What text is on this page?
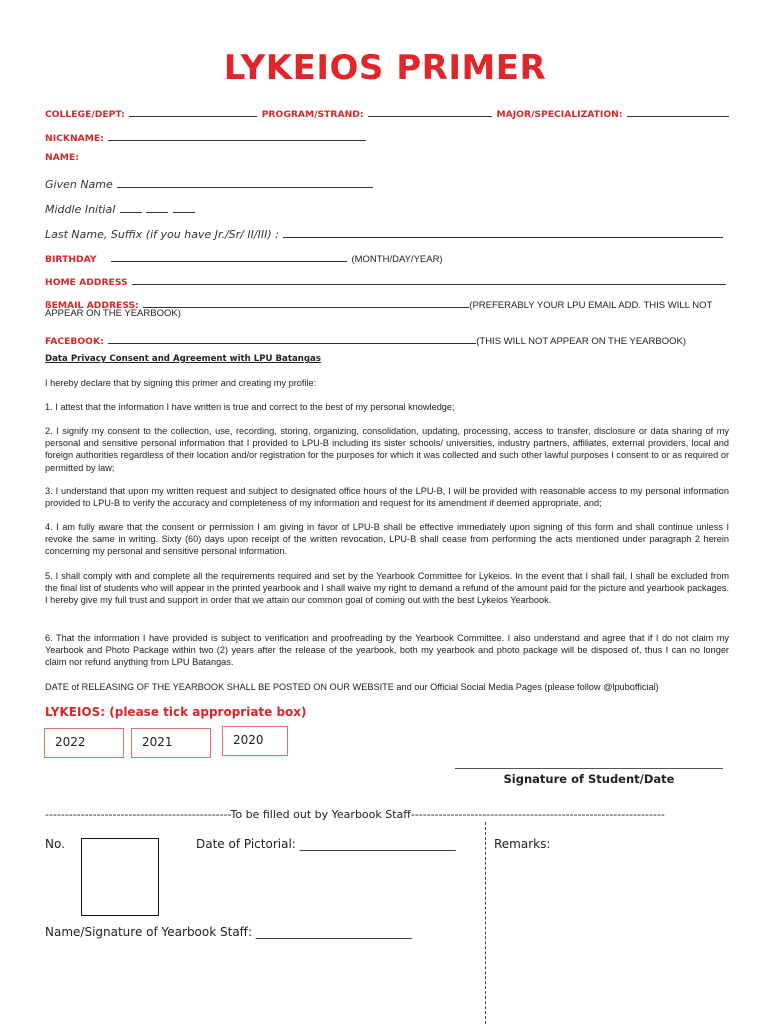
LYKEIOS PRIMER
COLLEGE/DEPT:	PROGRAM/STRAND:	MAJOR/SPECIALIZATION:
NICKNAME:
NAME:
Given Name
Middle Initial
Last Name, Suffix (if you have Jr./Sr/ II/III) :
BIRTHDAY	(MONTH/DAY/YEAR)
HOME ADDRESS
ßEMAIL ADDRESS:	(PREFERABLY YOUR LPU EMAIL ADD. THIS WILL NOT
APPEAR ON THE YEARBOOK)
FACEBOOK:	(THIS WILL NOT APPEAR ON THE YEARBOOK)
Data Privacy Consent and Agreement with LPU Batangas
I hereby declare that by signing this primer and creating my profile:
1. I attest that the information I have written is true and correct to the best of my personal knowledge;
2. I signify my consent to the collection, use, recording, storing, organizing, consolidation, updating, processing, access to transfer, disclosure or data sharing of my personal and sensitive personal information that I provided to LPU-B including its sister schools/ universities, industry partners, affiliates, external providers, local and foreign authorities regardless of their location and/or registration for the purposes for which it was collected and such other lawful purposes I consent to or as required or permitted by law;
3. I understand that upon my written request and subject to designated office hours of the LPU-B, I will be provided with reasonable access to my personal information provided to LPU-B to verify the accuracy and completeness of my information and request for its amendment if deemed appropriate, and;
4. I am fully aware that the consent or permission I am giving in favor of LPU-B shall be effective immediately upon signing of this form and shall continue unless I revoke the same in writing. Sixty (60) days upon receipt of the written revocation, LPU-B shall cease from performing the acts mentioned under paragraph 2 herein concerning my personal and sensitive personal information.
5. I shall comply with and complete all the requirements required and set by the Yearbook Committee for Lykeios. In the event that I shall fail, I shall be excluded from the final list of students who will appear in the printed yearbook and I shall waive my right to demand a refund of the amount paid for the picture and yearbook packages. I hereby give my full trust and support in order that we attain our common goal of coming out with the best Lykeios Yearbook.
6. That the information I have provided is subject to verification and proofreading by the Yearbook Committee. I also understand and agree that if I do not claim my Yearbook and Photo Package within two (2) years after the release of the yearbook, both my yearbook and photo package will be disposed of, thus I can no longer claim nor refund anything from LPU Batangas.
DATE of RELEASING OF THE YEARBOOK SHALL BE POSTED ON OUR WEBSITE and our Official Social Media Pages (please follow @lpubofficial)
LYKEIOS: (please tick appropriate box)
2022	2021	2020
Signature of Student/Date
-----------------------------------------------To be filled out by Yearbook Staff----------------------------------------------------------------
No.	Date of Pictorial: __________________________	Remarks:
Name/Signature of Yearbook Staff: __________________________
